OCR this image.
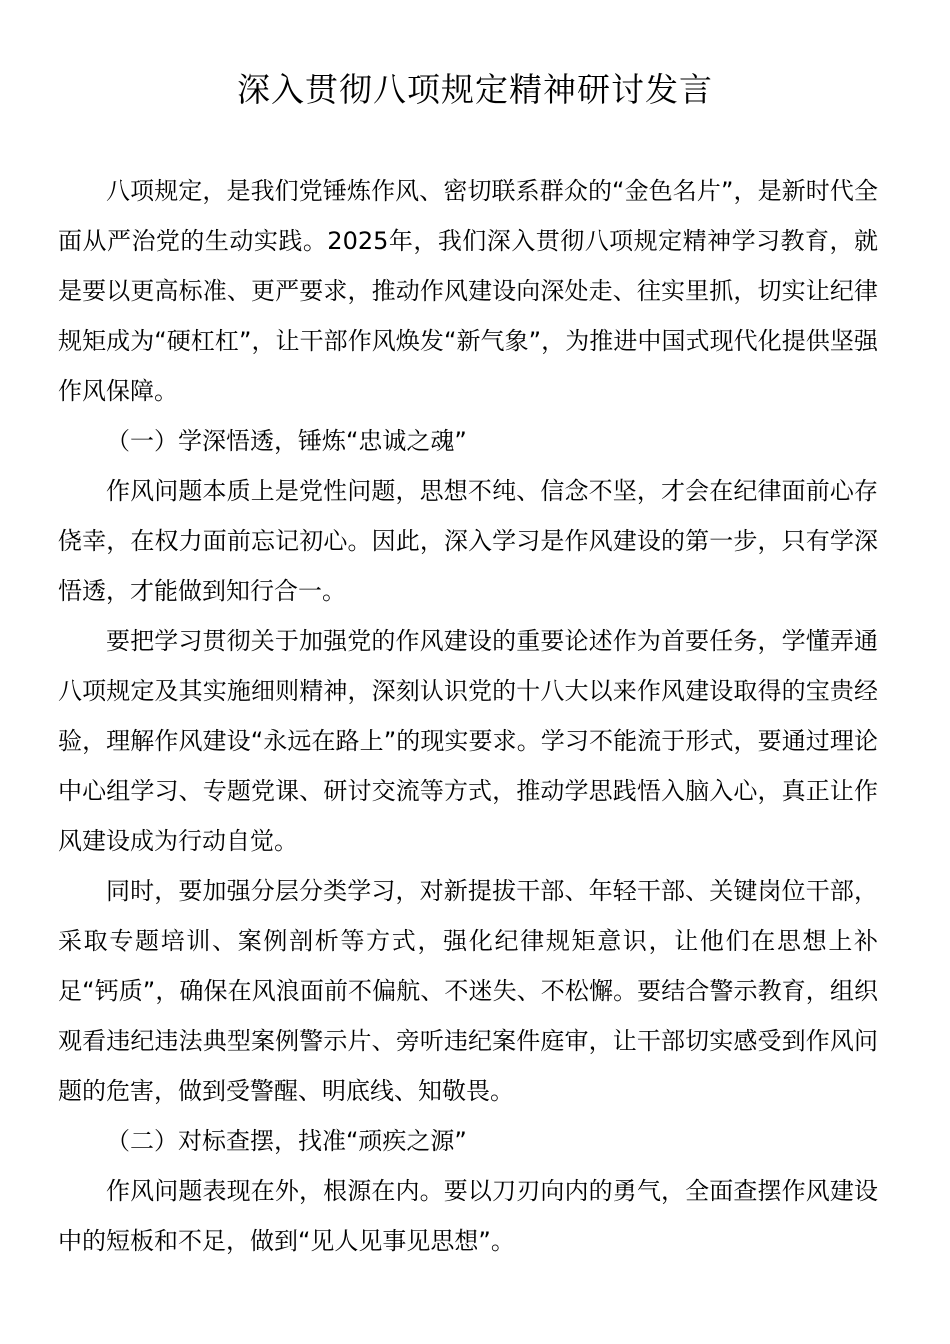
深入贯彻八项规定精神研讨发言

八项规定，是我们党锤炼作风、密切联系群众的“金色名片”，是新时代全面从严治党的生动实践。2025年，我们深入贯彻八项规定精神学习教育，就是要以更高标准、更严要求，推动作风建设向深处走、往实里抓，切实让纪律规矩成为“硬杠杠”，让干部作风焕发“新气象”，为推进中国式现代化提供坚强作风保障。

（一）学深悟透，锤炼“忠诚之魂”

作风问题本质上是党性问题，思想不纯、信念不坚，才会在纪律面前心存侥幸，在权力面前忘记初心。因此，深入学习是作风建设的第一步，只有学深悟透，才能做到知行合一。

要把学习贯彻关于加强党的作风建设的重要论述作为首要任务，学懂弄通八项规定及其实施细则精神，深刻认识党的十八大以来作风建设取得的宝贵经验，理解作风建设“永远在路上”的现实要求。学习不能流于形式，要通过理论中心组学习、专题党课、研讨交流等方式，推动学思践悟入脑入心，真正让作风建设成为行动自觉。

同时，要加强分层分类学习，对新提拔干部、年轻干部、关键岗位干部，采取专题培训、案例剖析等方式，强化纪律规矩意识，让他们在思想上补足“钙质”，确保在风浪面前不偏航、不迷失、不松懈。要结合警示教育，组织观看违纪违法典型案例警示片、旁听违纪案件庭审，让干部切实感受到作风问题的危害，做到受警醒、明底线、知敬畏。

（二）对标查摆，找准“顽疾之源”

作风问题表现在外，根源在内。要以刀刃向内的勇气，全面查摆作风建设中的短板和不足，做到“见人见事见思想”。
